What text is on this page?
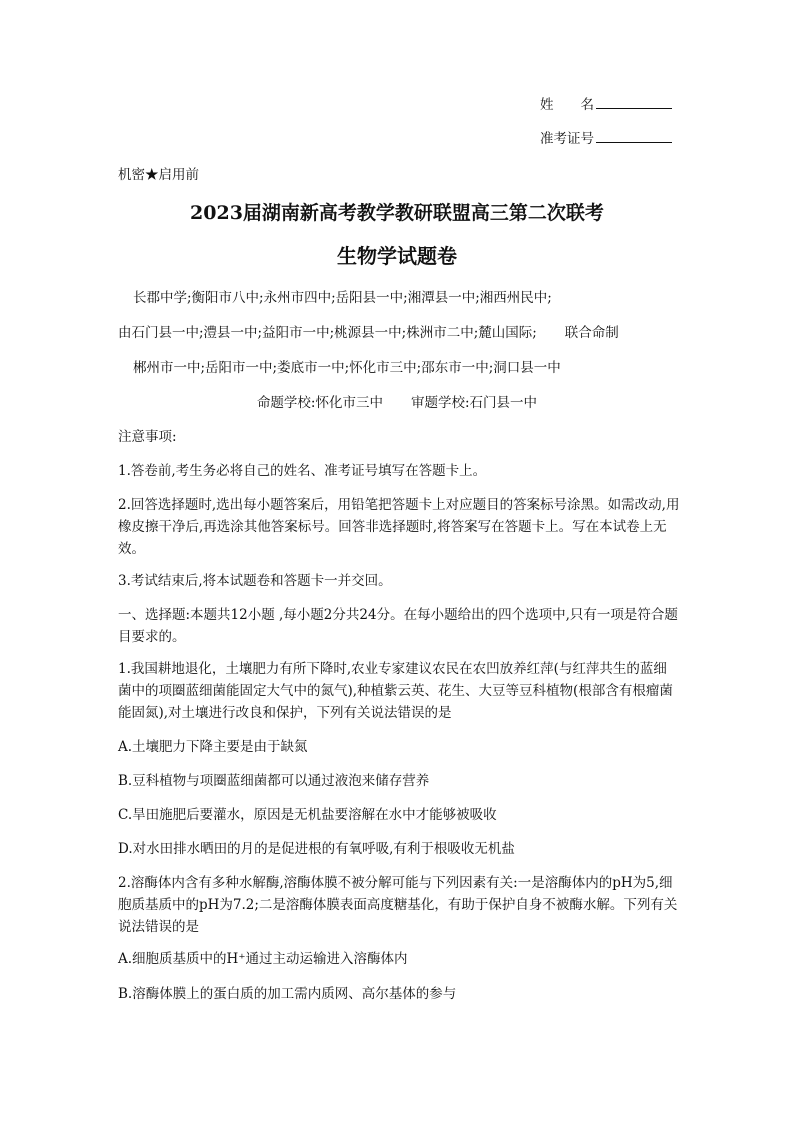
姓　　名
准考证号
机密★启用前
2023届湖南新高考教学教研联盟高三第二次联考
生物学试题卷
长郡中学;衡阳市八中;永州市四中;岳阳县一中;湘潭县一中;湘西州民中;
由石门县一中;澧县一中;益阳市一中;桃源县一中;株洲市二中;麓山国际; 联合命制
郴州市一中;岳阳市一中;娄底市一中;怀化市三中;邵东市一中;洞口县一中
命题学校:怀化市三中 审题学校:石门县一中
注意事项:
1.答卷前,考生务必将自己的姓名、准考证号填写在答题卡上。
2.回答选择题时,选出每小题答案后，用铅笔把答题卡上对应题目的答案标号涂黑。如需改动,用橡皮擦干净后,再选涂其他答案标号。回答非选择题时,将答案写在答题卡上。写在本试卷上无效。
3.考试结束后,将本试题卷和答题卡一并交回。
一、选择题:本题共12小题 ,每小题2分共24分。在每小题给出的四个选项中,只有一项是符合题目要求的。
1.我国耕地退化，土壤肥力有所下降时,农业专家建议农民在农凹放养红萍(与红萍共生的蓝细菌中的项圈蓝细菌能固定大气中的氮气),种植紫云英、花生、大豆等豆科植物(根部含有根瘤菌能固氮),对土壤进行改良和保护，下列有关说法错误的是
A.土壤肥力下降主要是由于缺氮
B.豆科植物与项圈蓝细菌都可以通过液泡来储存营养
C.旱田施肥后要灌水，原因是无机盐要溶解在水中才能够被吸收
D.对水田排水晒田的月的是促进根的有氧呼吸,有利于根吸收无机盐
2.溶酶体内含有多种水解酶,溶酶体膜不被分解可能与下列因素有关:一是溶酶体内的pH为5,细胞质基质中的pH为7.2;二是溶酶体膜表面高度糖基化，有助于保护自身不被酶水解。下列有关说法错误的是
A.细胞质基质中的H⁺通过主动运输进入溶酶体内
B.溶酶体膜上的蛋白质的加工需内质网、高尔基体的参与
